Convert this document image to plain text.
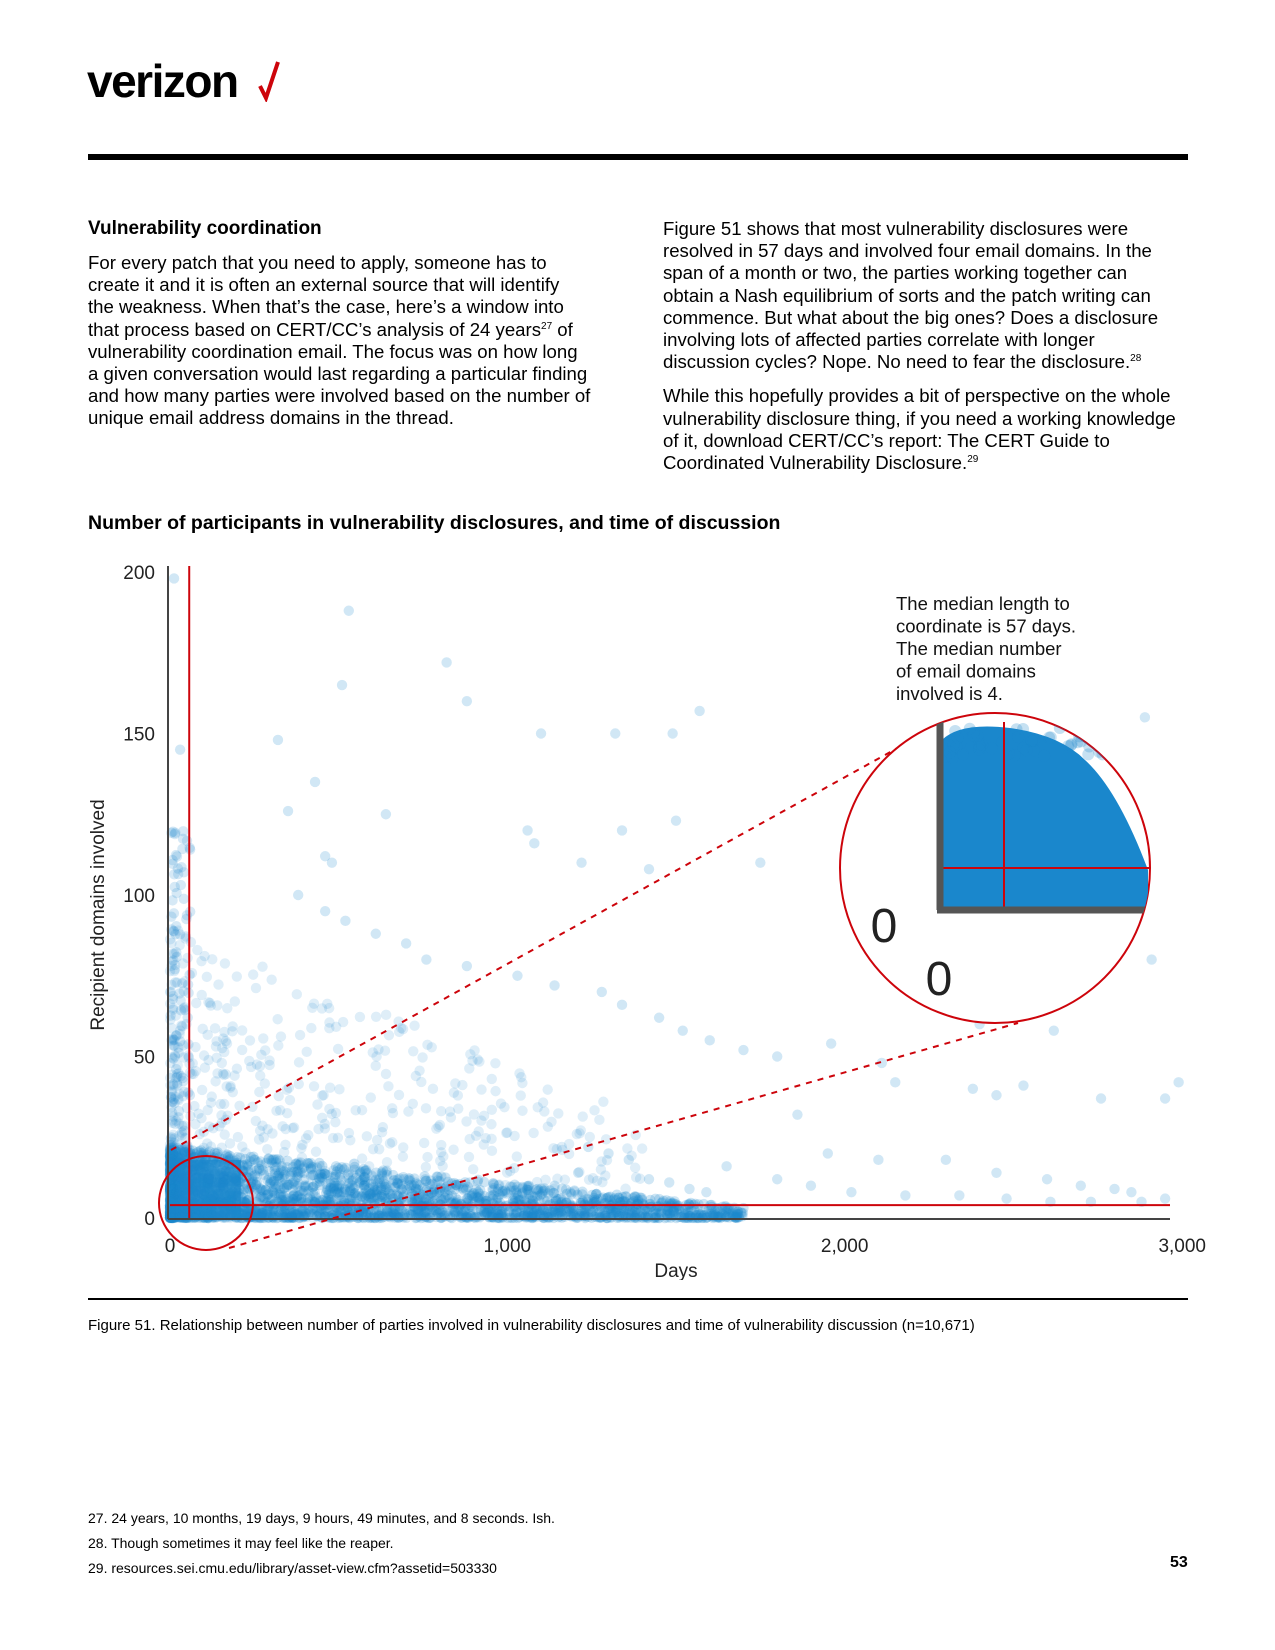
verizon
Vulnerability coordination
For every patch that you need to apply, someone has to
create it and it is often an external source that will identify
the weakness. When that’s the case, here’s a window into
that process based on CERT/CC’s analysis of 24 years$^{27}$ of
vulnerability coordination email. The focus was on how long
a given conversation would last regarding a particular finding
and how many parties were involved based on the number of
unique email address domains in the thread.

Figure 51 shows that most vulnerability disclosures were
resolved in 57 days and involved four email domains. In the
span of a month or two, the parties working together can
obtain a Nash equilibrium of sorts and the patch writing can
commence. But what about the big ones? Does a disclosure
involving lots of affected parties correlate with longer
discussion cycles? Nope. No need to fear the disclosure.$^{28}$

While this hopefully provides a bit of perspective on the whole
vulnerability disclosure thing, if you need a working knowledge
of it, download CERT/CC’s report: The CERT Guide to
Coordinated Vulnerability Disclosure.$^{29}$

Number of participants in vulnerability disclosures, and time of discussion
0
50
100
150
200
0	1,000	2,000	3,000
Days
Recipient domains involved	0
0
The median length to
coordinate is 57 days.
The median number
of email domains
involved is 4.
Figure 51. Relationship between number of parties involved in vulnerability disclosures and time of vulnerability discussion (n=10,671)
27. 24 years, 10 months, 19 days, 9 hours, 49 minutes, and 8 seconds. Ish.
28. Though sometimes it may feel like the reaper.
29. resources.sei.cmu.edu/library/asset-view.cfm?assetid=503330	53
